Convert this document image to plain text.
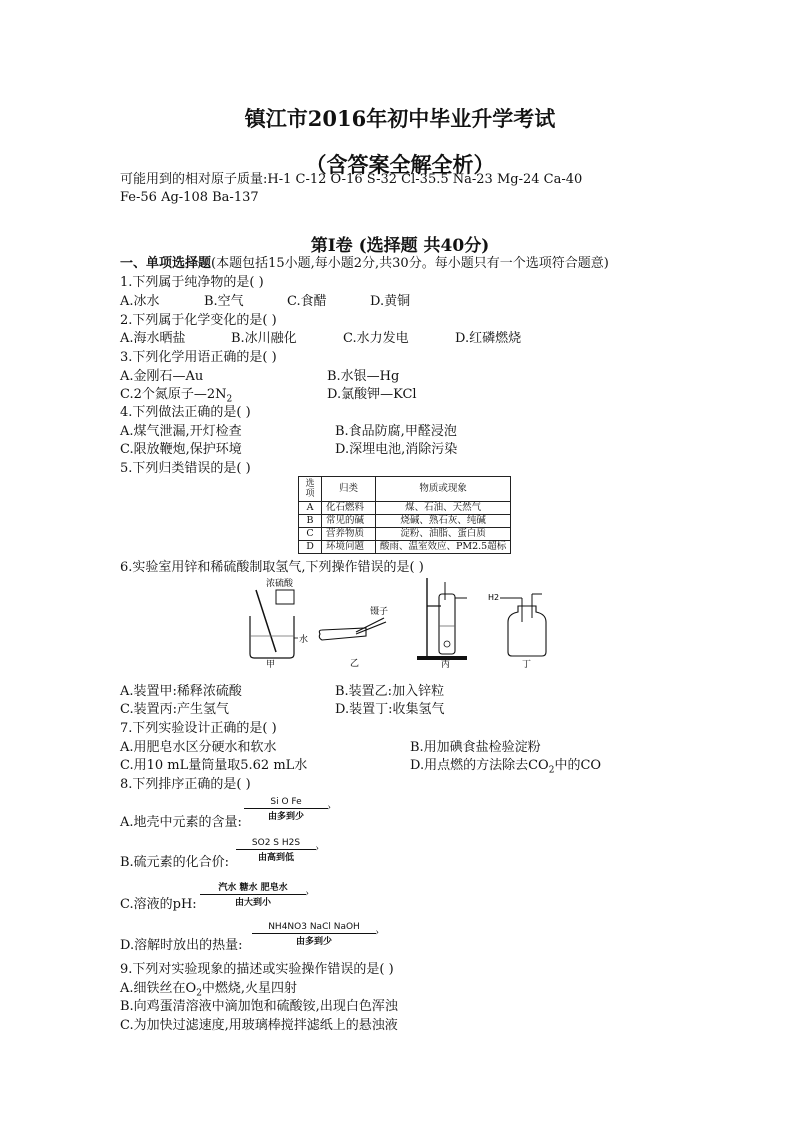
镇江市2016年初中毕业升学考试
（含答案全解全析）
可能用到的相对原子质量:H-1 C-12 O-16 S-32 Cl-35.5 Na-23 Mg-24 Ca-40
Fe-56 Ag-108 Ba-137
第Ⅰ卷 (选择题 共40分)
一、单项选择题(本题包括15小题,每小题2分,共30分。每小题只有一个选项符合题意)
1.下列属于纯净物的是( )
A.冰水	B.空气	C.食醋	D.黄铜
2.下列属于化学变化的是( )
A.海水晒盐	B.冰川融化	C.水力发电	D.红磷燃烧
3.下列化学用语正确的是( )
A.金刚石—Au	B.水银—Hg
C.2个氮原子$—2N_2$	D.氯酸钾—KCl
4.下列做法正确的是( )
A.煤气泄漏,开灯检查	B.食品防腐,甲醛浸泡
C.限放鞭炮,保护环境	D.深埋电池,消除污染
5.下列归类错误的是( )
选项	归类	物质或现象
A	化石燃料	煤、石油、天然气
B	常见的碱	烧碱、熟石灰、纯碱
C	营养物质	淀粉、油脂、蛋白质
D	环境问题	酸雨、温室效应、PM2.5超标
6.实验室用锌和稀硫酸制取氢气,下列操作错误的是( )
浓硫酸
水
甲
镊子
乙	丙
H2
丁
A.装置甲:稀释浓硫酸	B.装置乙:加入锌粒
C.装置丙:产生氢气	D.装置丁:收集氢气
7.下列实验设计正确的是( )
A.用肥皂水区分硬水和软水	B.用加碘食盐检验淀粉
C.用10 mL量筒量取5.62 mL水	D.用点燃的方法除去$CO_2$中的CO
8.下列排序正确的是( )
A.地壳中元素的含量:
Si O Fe
›
由多到少
B.硫元素的化合价:
SO2 S H2S
›
由高到低
C.溶液的pH:
汽水 糖水 肥皂水
›
由大到小
D.溶解时放出的热量:
NH4NO3 NaCl NaOH
›
由多到少
9.下列对实验现象的描述或实验操作错误的是( )
A.细铁丝在$O_2$中燃烧,火星四射
B.向鸡蛋清溶液中滴加饱和硫酸铵,出现白色浑浊
C.为加快过滤速度,用玻璃棒搅拌滤纸上的悬浊液
